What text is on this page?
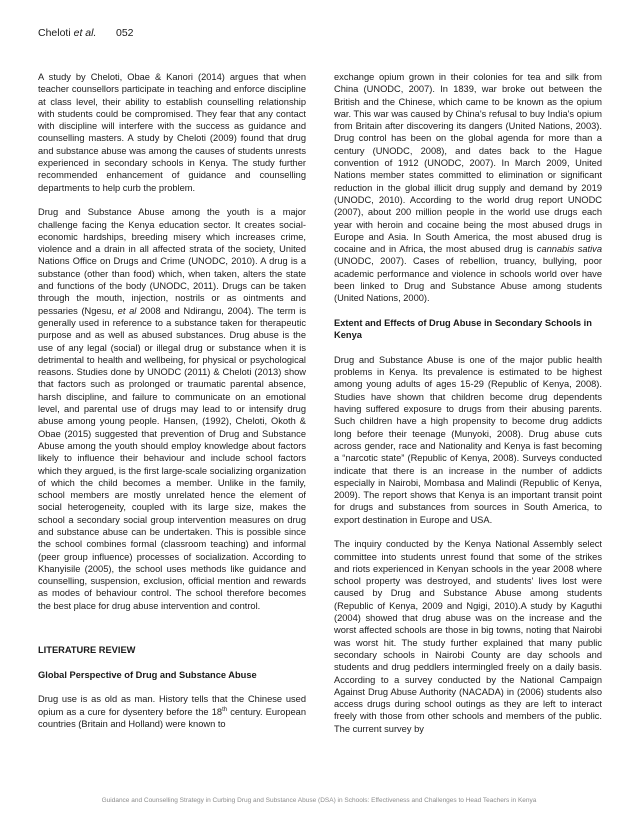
Cheloti et al. 052

A study by Cheloti, Obae & Kanori (2014) argues that when teacher counsellors participate in teaching and enforce discipline at class level, their ability to establish counselling relationship with students could be compromised. They fear that any contact with discipline will interfere with the success as guidance and counselling masters. A study by Cheloti (2009) found that drug and substance abuse was among the causes of students unrests experienced in secondary schools in Kenya. The study further recommended enhancement of guidance and counselling departments to help curb the problem.

Drug and Substance Abuse among the youth is a major challenge facing the Kenya education sector. It creates social-economic hardships, breeding misery which increases crime, violence and a drain in all affected strata of the society, United Nations Office on Drugs and Crime (UNODC, 2010). A drug is a substance (other than food) which, when taken, alters the state and functions of the body (UNODC, 2011). Drugs can be taken through the mouth, injection, nostrils or as ointments and pessaries (Ngesu, et al 2008 and Ndirangu, 2004). The term is generally used in reference to a substance taken for therapeutic purpose and as well as abused substances. Drug abuse is the use of any legal (social) or illegal drug or substance when it is detrimental to health and wellbeing, for physical or psychological reasons. Studies done by UNODC (2011) & Cheloti (2013) show that factors such as prolonged or traumatic parental absence, harsh discipline, and failure to communicate on an emotional level, and parental use of drugs may lead to or intensify drug abuse among young people. Hansen, (1992), Cheloti, Okoth & Obae (2015) suggested that prevention of Drug and Substance Abuse among the youth should employ knowledge about factors likely to influence their behaviour and include school factors which they argued, is the first large-scale socializing organization of which the child becomes a member. Unlike in the family, school members are mostly unrelated hence the element of social heterogeneity, coupled with its large size, makes the school a secondary social group intervention measures on drug and substance abuse can be undertaken. This is possible since the school combines formal (classroom teaching) and informal (peer group influence) processes of socialization. According to Khanyisile (2005), the school uses methods like guidance and counselling, suspension, exclusion, official mention and rewards as modes of behaviour control. The school therefore becomes the best place for drug abuse intervention and control.

LITERATURE REVIEW
Global Perspective of Drug and Substance Abuse

Drug use is as old as man. History tells that the Chinese used opium as a cure for dysentery before the 18th century. European countries (Britain and Holland) were known to

exchange opium grown in their colonies for tea and silk from China (UNODC, 2007). In 1839, war broke out between the British and the Chinese, which came to be known as the opium war. This war was caused by China's refusal to buy India's opium from Britain after discovering its dangers (United Nations, 2003). Drug control has been on the global agenda for more than a century (UNODC, 2008), and dates back to the Hague convention of 1912 (UNODC, 2007). In March 2009, United Nations member states committed to elimination or significant reduction in the global illicit drug supply and demand by 2019 (UNODC, 2010). According to the world drug report UNODC (2007), about 200 million people in the world use drugs each year with heroin and cocaine being the most abused drugs in Europe and Asia. In South America, the most abused drug is cocaine and in Africa, the most abused drug is cannabis sativa (UNODC, 2007). Cases of rebellion, truancy, bullying, poor academic performance and violence in schools world over have been linked to Drug and Substance Abuse among students (United Nations, 2000).

Extent and Effects of Drug Abuse in Secondary Schools in Kenya

Drug and Substance Abuse is one of the major public health problems in Kenya. Its prevalence is estimated to be highest among young adults of ages 15-29 (Republic of Kenya, 2008). Studies have shown that children become drug dependents having suffered exposure to drugs from their abusing parents. Such children have a high propensity to become drug addicts long before their teenage (Munyoki, 2008). Drug abuse cuts across gender, race and Nationality and Kenya is fast becoming a “narcotic state” (Republic of Kenya, 2008). Surveys conducted indicate that there is an increase in the number of addicts especially in Nairobi, Mombasa and Malindi (Republic of Kenya, 2009). The report shows that Kenya is an important transit point for drugs and substances from sources in South America, to export destination in Europe and USA.

The inquiry conducted by the Kenya National Assembly select committee into students unrest found that some of the strikes and riots experienced in Kenyan schools in the year 2008 where school property was destroyed, and students' lives lost were caused by Drug and Substance Abuse among students (Republic of Kenya, 2009 and Ngigi, 2010).A study by Kaguthi (2004) showed that drug abuse was on the increase and the worst affected schools are those in big towns, noting that Nairobi was worst hit. The study further explained that many public secondary schools in Nairobi County are day schools and students and drug peddlers intermingled freely on a daily basis. According to a survey conducted by the National Campaign Against Drug Abuse Authority (NACADA) in (2006) students also access drugs during school outings as they are left to interact freely with those from other schools and members of the public. The current survey by

Guidance and Counselling Strategy in Curbing Drug and Substance Abuse (DSA) in Schools: Effectiveness and Challenges to Head Teachers in Kenya
